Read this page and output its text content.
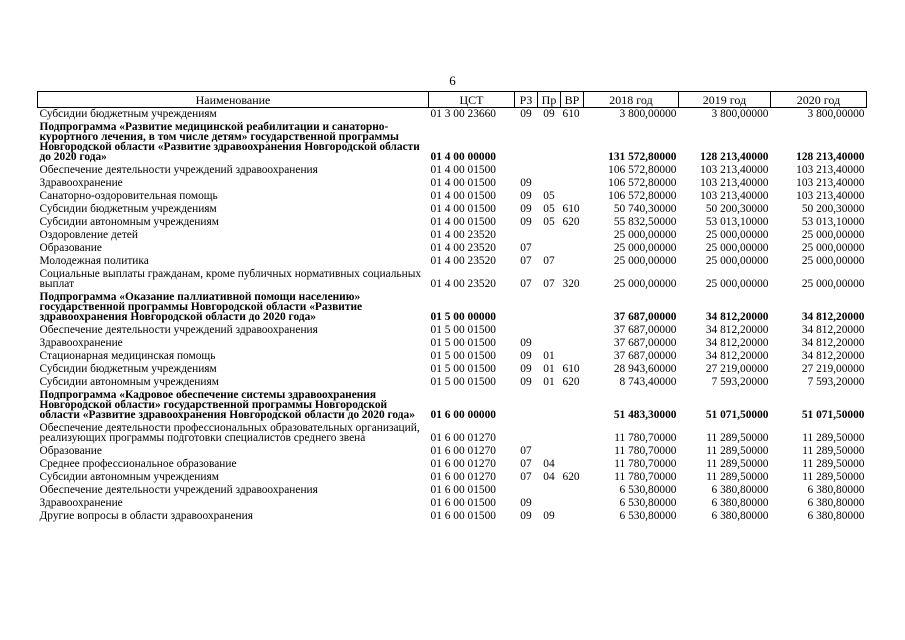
6
Наименование	ЦСТ	РЗ	Пр	ВР	2018 год	2019 год	2020 год
Субсидии бюджетным учреждениям	01 3 00 23660	09	09	610	3 800,00000	3 800,00000	3 800,00000
Подпрограмма «Развитие медицинской реабилитации и санаторно-курортного лечения, в том числе детям» государственной программы Новгородской области «Развитие здравоохранения Новгородской области до 2020 года»	01 4 00 00000				131 572,80000	128 213,40000	128 213,40000
Обеспечение деятельности учреждений здравоохранения	01 4 00 01500				106 572,80000	103 213,40000	103 213,40000
Здравоохранение	01 4 00 01500	09			106 572,80000	103 213,40000	103 213,40000
Санаторно-оздоровительная помощь	01 4 00 01500	09	05		106 572,80000	103 213,40000	103 213,40000
Субсидии бюджетным учреждениям	01 4 00 01500	09	05	610	50 740,30000	50 200,30000	50 200,30000
Субсидии автономным учреждениям	01 4 00 01500	09	05	620	55 832,50000	53 013,10000	53 013,10000
Оздоровление детей	01 4 00 23520				25 000,00000	25 000,00000	25 000,00000
Образование	01 4 00 23520	07			25 000,00000	25 000,00000	25 000,00000
Молодежная политика	01 4 00 23520	07	07		25 000,00000	25 000,00000	25 000,00000
Социальные выплаты гражданам, кроме публичных нормативных социальных выплат	01 4 00 23520	07	07	320	25 000,00000	25 000,00000	25 000,00000
Подпрограмма «Оказание паллиативной помощи населению» государственной программы Новгородской области «Развитие здравоохранения Новгородской области до 2020 года»	01 5 00 00000				37 687,00000	34 812,20000	34 812,20000
Обеспечение деятельности учреждений здравоохранения	01 5 00 01500				37 687,00000	34 812,20000	34 812,20000
Здравоохранение	01 5 00 01500	09			37 687,00000	34 812,20000	34 812,20000
Стационарная медицинская помощь	01 5 00 01500	09	01		37 687,00000	34 812,20000	34 812,20000
Субсидии бюджетным учреждениям	01 5 00 01500	09	01	610	28 943,60000	27 219,00000	27 219,00000
Субсидии автономным учреждениям	01 5 00 01500	09	01	620	8 743,40000	7 593,20000	7 593,20000
Подпрограмма «Кадровое обеспечение системы здравоохранения Новгородской области» государственной программы Новгородской области «Развитие здравоохранения Новгородской области до 2020 года»	01 6 00 00000				51 483,30000	51 071,50000	51 071,50000
Обеспечение деятельности профессиональных образовательных организаций, реализующих программы подготовки специалистов среднего звена	01 6 00 01270				11 780,70000	11 289,50000	11 289,50000
Образование	01 6 00 01270	07			11 780,70000	11 289,50000	11 289,50000
Среднее профессиональное образование	01 6 00 01270	07	04		11 780,70000	11 289,50000	11 289,50000
Субсидии автономным учреждениям	01 6 00 01270	07	04	620	11 780,70000	11 289,50000	11 289,50000
Обеспечение деятельности учреждений здравоохранения	01 6 00 01500				6 530,80000	6 380,80000	6 380,80000
Здравоохранение	01 6 00 01500	09			6 530,80000	6 380,80000	6 380,80000
Другие вопросы в области здравоохранения	01 6 00 01500	09	09		6 530,80000	6 380,80000	6 380,80000
